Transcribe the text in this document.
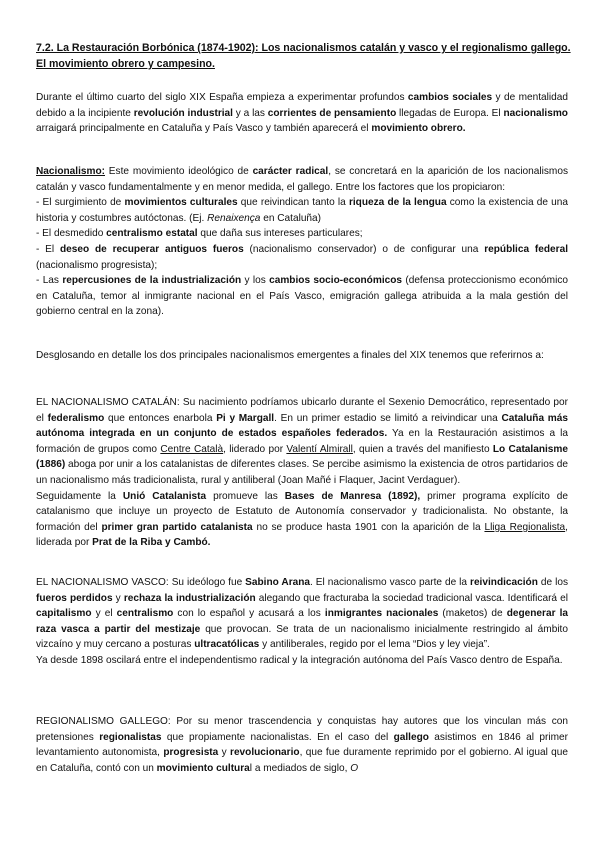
7.2. La Restauración Borbónica (1874-1902): Los nacionalismos catalán y vasco y el regionalismo gallego. El movimiento obrero y campesino.
Durante el último cuarto del siglo XIX España empieza a experimentar profundos cambios sociales y de mentalidad debido a la incipiente revolución industrial y a las corrientes de pensamiento llegadas de Europa. El nacionalismo arraigará principalmente en Cataluña y País Vasco y también aparecerá el movimiento obrero.
Nacionalismo: Este movimiento ideológico de carácter radical, se concretará en la aparición de los nacionalismos catalán y vasco fundamentalmente y en menor medida, el gallego. Entre los factores que los propiciaron:
- El surgimiento de movimientos culturales que reivindican tanto la riqueza de la lengua como la existencia de una historia y costumbres autóctonas. (Ej. Renaixença en Cataluña)
- El desmedido centralismo estatal que daña sus intereses particulares;
- El deseo de recuperar antiguos fueros (nacionalismo conservador) o de configurar una república federal (nacionalismo progresista);
- Las repercusiones de la industrialización y los cambios socio-económicos (defensa proteccionismo económico en Cataluña, temor al inmigrante nacional en el País Vasco, emigración gallega atribuida a la mala gestión del gobierno central en la zona).
Desglosando en detalle los dos principales nacionalismos emergentes a finales del XIX tenemos que referirnos a:
EL NACIONALISMO CATALÁN: Su nacimiento podríamos ubicarlo durante el Sexenio Democrático, representado por el federalismo que entonces enarbola Pi y Margall. En un primer estadio se limitó a reivindicar una Cataluña más autónoma integrada en un conjunto de estados españoles federados. Ya en la Restauración asistimos a la formación de grupos como Centre Català, liderado por Valentí Almirall, quien a través del manifiesto Lo Catalanisme (1886) aboga por unir a los catalanistas de diferentes clases. Se percibe asimismo la existencia de otros partidarios de un nacionalismo más tradicionalista, rural y antiliberal (Joan Mañé i Flaquer, Jacint Verdaguer).
Seguidamente la Unió Catalanista promueve las Bases de Manresa (1892), primer programa explícito de catalanismo que incluye un proyecto de Estatuto de Autonomía conservador y tradicionalista. No obstante, la formación del primer gran partido catalanista no se produce hasta 1901 con la aparición de la Lliga Regionalista, liderada por Prat de la Riba y Cambó.
EL NACIONALISMO VASCO: Su ideólogo fue Sabino Arana. El nacionalismo vasco parte de la reivindicación de los fueros perdidos y rechaza la industrialización alegando que fracturaba la sociedad tradicional vasca. Identificará el capitalismo y el centralismo con lo español y acusará a los inmigrantes nacionales (maketos) de degenerar la raza vasca a partir del mestizaje que provocan. Se trata de un nacionalismo inicialmente restringido al ámbito vizcaíno y muy cercano a posturas ultracatólicas y antiliberales, regido por el lema “Dios y ley vieja”.
Ya desde 1898 oscilará entre el independentismo radical y la integración autónoma del País Vasco dentro de España.
REGIONALISMO GALLEGO: Por su menor trascendencia y conquistas hay autores que los vinculan más con pretensiones regionalistas que propiamente nacionalistas. En el caso del gallego asistimos en 1846 al primer levantamiento autonomista, progresista y revolucionario, que fue duramente reprimido por el gobierno. Al igual que en Cataluña, contó con un movimiento cultural a mediados de siglo, O
